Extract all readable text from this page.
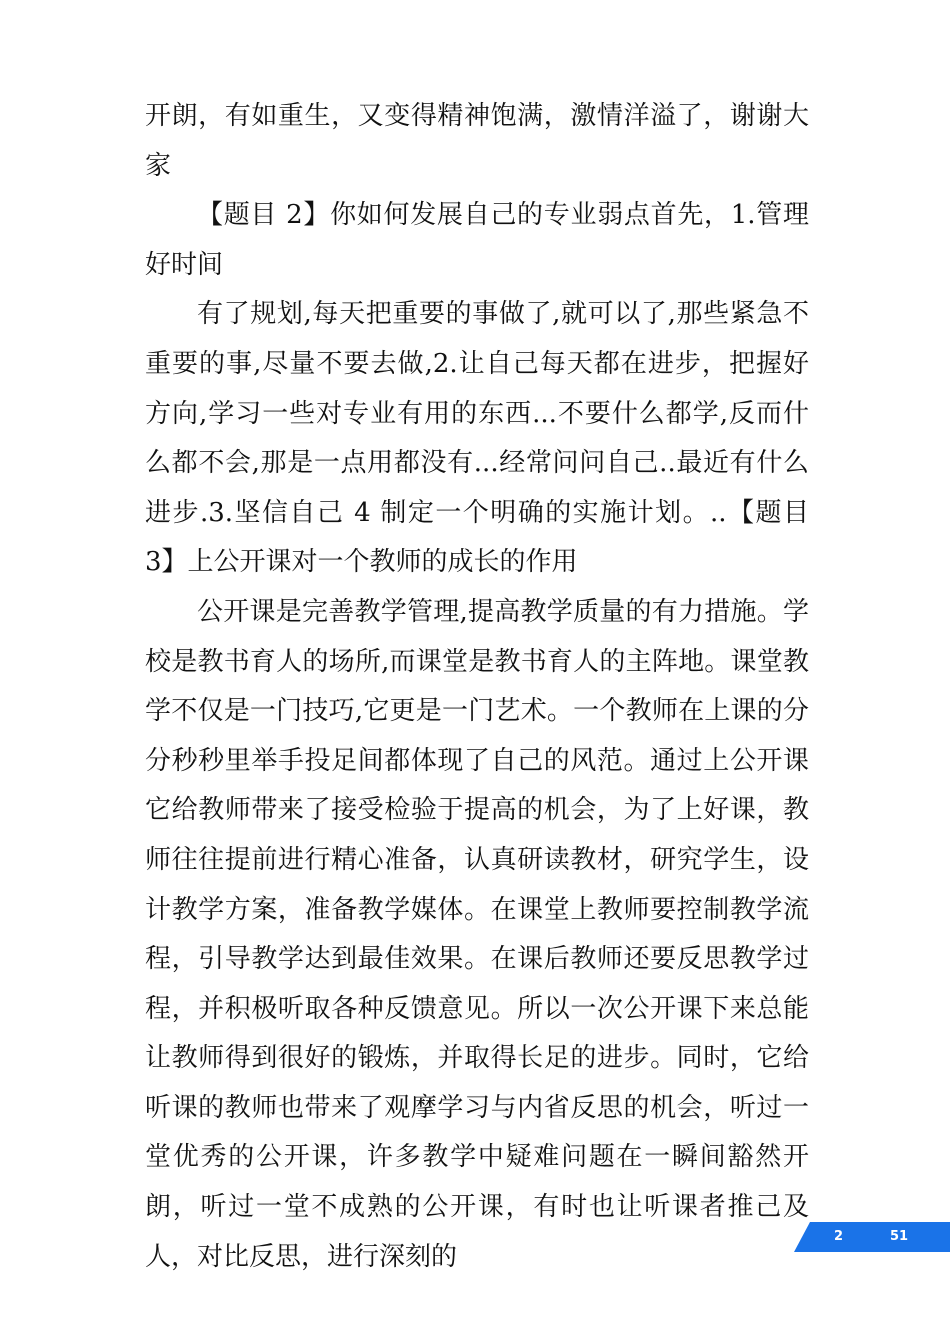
开朗，有如重生，又变得精神饱满，激情洋溢了，谢谢大家

【题目 2】你如何发展自己的专业弱点首先，1.管理好时间

有了规划,每天把重要的事做了,就可以了,那些紧急不重要的事,尽量不要去做,2.让自己每天都在进步，把握好方向,学习一些对专业有用的东西...不要什么都学,反而什么都不会,那是一点用都没有...经常问问自己..最近有什么进步.3.坚信自己 4 制定一个明确的实施计划。..【题目 3】上公开课对一个教师的成长的作用

公开课是完善教学管理,提高教学质量的有力措施。学校是教书育人的场所,而课堂是教书育人的主阵地。课堂教学不仅是一门技巧,它更是一门艺术。一个教师在上课的分分秒秒里举手投足间都体现了自己的风范。通过上公开课它给教师带来了接受检验于提高的机会，为了上好课，教师往往提前进行精心准备，认真研读教材，研究学生，设计教学方案，准备教学媒体。在课堂上教师要控制教学流程，引导教学达到最佳效果。在课后教师还要反思教学过程，并积极听取各种反馈意见。所以一次公开课下来总能让教师得到很好的锻炼，并取得长足的进步。同时，它给听课的教师也带来了观摩学习与内省反思的机会，听过一堂优秀的公开课，许多教学中疑难问题在一瞬间豁然开朗，听过一堂不成熟的公开课，有时也让听课者推己及人，对比反思，进行深刻的

2	51
